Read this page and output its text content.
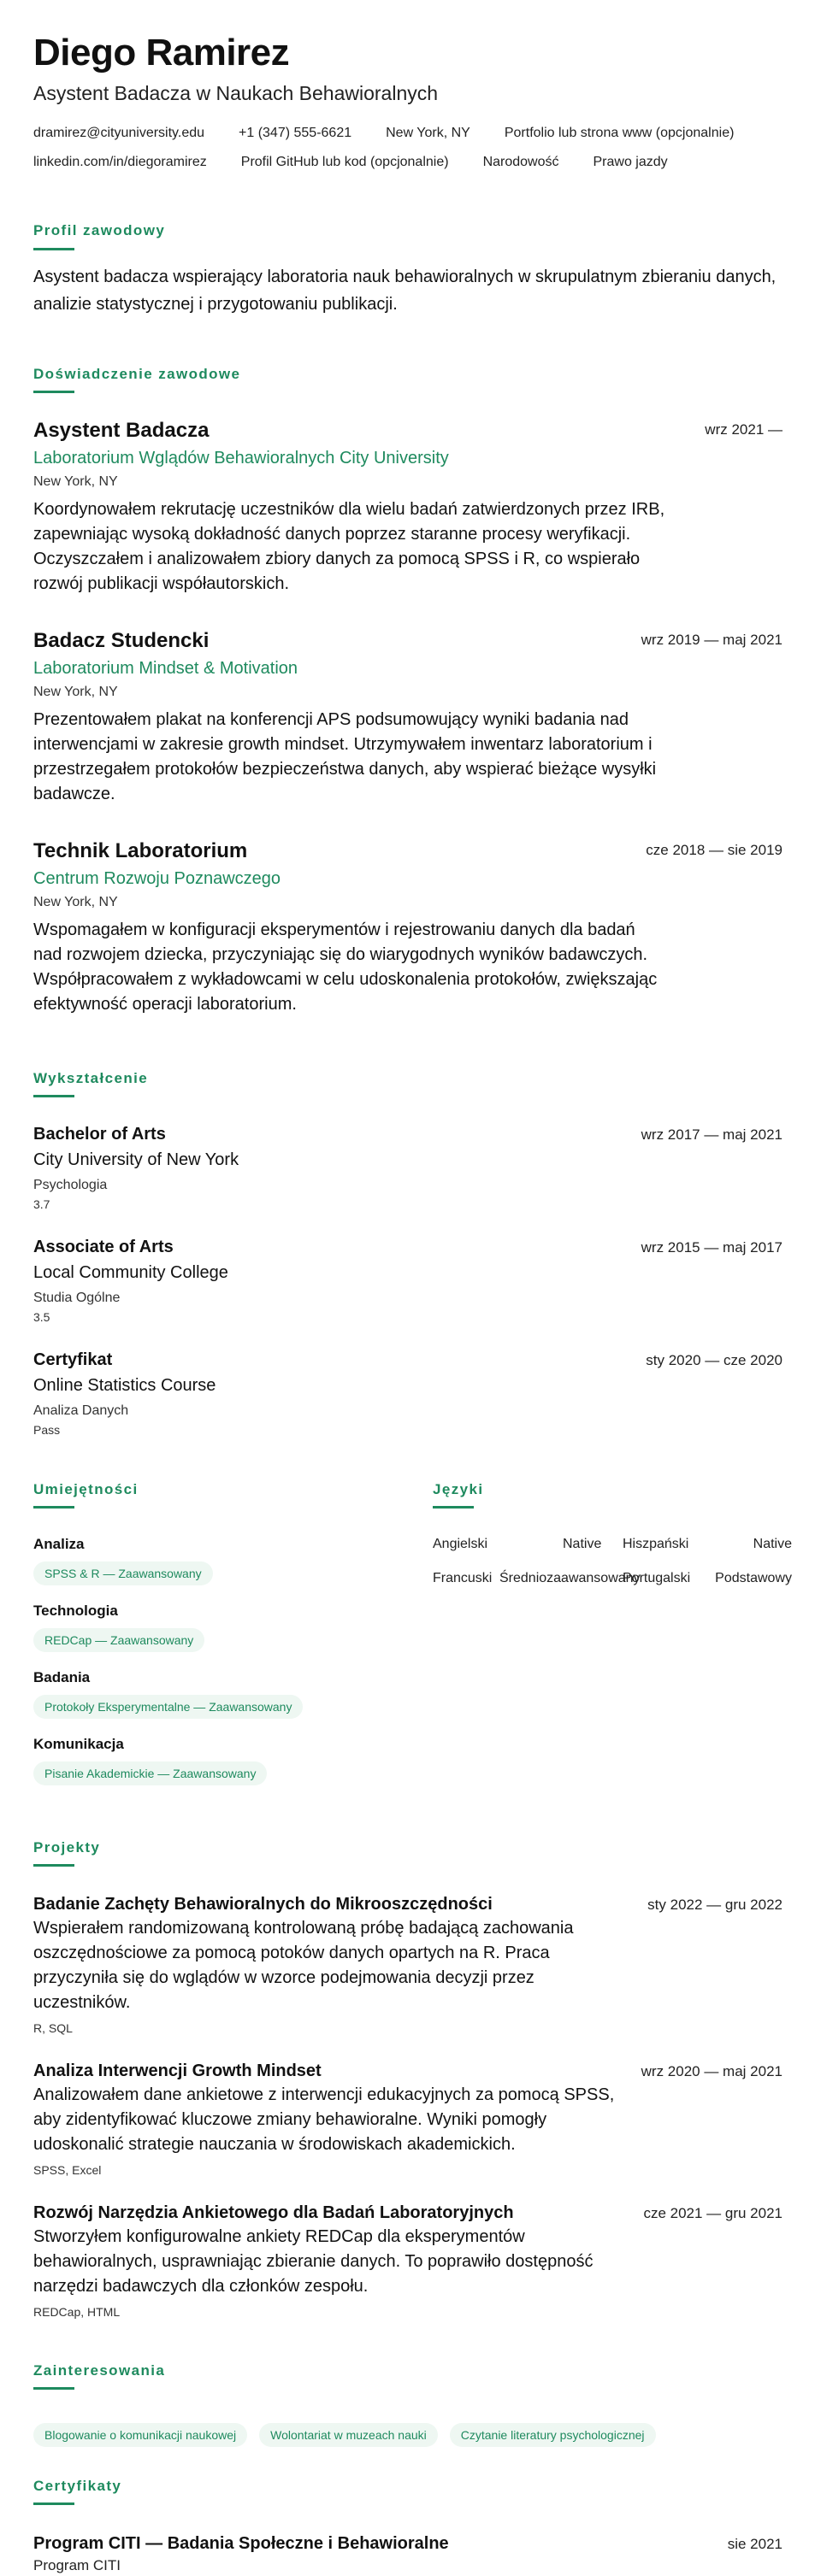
Diego Ramirez
Asystent Badacza w Naukach Behawioralnych
dramirez@cityuniversity.edu	+1 (347) 555-6621	New York, NY	Portfolio lub strona www (opcjonalnie)
linkedin.com/in/diegoramirez	Profil GitHub lub kod (opcjonalnie)	Narodowość	Prawo jazdy
Profil zawodowy
Asystent badacza wspierający laboratoria nauk behawioralnych w skrupulatnym zbieraniu danych, analizie statystycznej i przygotowaniu publikacji.
Doświadczenie zawodowe
Asystent Badacza
Laboratorium Wglądów Behawioralnych City University
New York, NY
Koordynowałem rekrutację uczestników dla wielu badań zatwierdzonych przez IRB, zapewniając wysoką dokładność danych poprzez staranne procesy weryfikacji. Oczyszczałem i analizowałem zbiory danych za pomocą SPSS i R, co wspierało rozwój publikacji współautorskich.
wrz 2021 —
Badacz Studencki
Laboratorium Mindset & Motivation
New York, NY
Prezentowałem plakat na konferencji APS podsumowujący wyniki badania nad interwencjami w zakresie growth mindset. Utrzymywałem inwentarz laboratorium i przestrzegałem protokołów bezpieczeństwa danych, aby wspierać bieżące wysyłki badawcze.
wrz 2019 — maj 2021
Technik Laboratorium
Centrum Rozwoju Poznawczego
New York, NY
Wspomagałem w konfiguracji eksperymentów i rejestrowaniu danych dla badań nad rozwojem dziecka, przyczyniając się do wiarygodnych wyników badawczych. Współpracowałem z wykładowcami w celu udoskonalenia protokołów, zwiększając efektywność operacji laboratorium.
cze 2018 — sie 2019
Wykształcenie
Bachelor of Arts
City University of New York
Psychologia
3.7
wrz 2017 — maj 2021
Associate of Arts
Local Community College
Studia Ogólne
3.5
wrz 2015 — maj 2017
Certyfikat
Online Statistics Course
Analiza Danych
Pass
sty 2020 — cze 2020
Umiejętności
Analiza
SPSS & R — Zaawansowany
Technologia
REDCap — Zaawansowany
Badania
Protokoły Eksperymentalne — Zaawansowany
Komunikacja
Pisanie Akademickie — Zaawansowany
Języki
Angielski	Native Hiszpański	Native
Francuski Średniozaawansowany
Portugalski Podstawowy
Projekty
Badanie Zachęty Behawioralnych do Mikrooszczędności
Wspierałem randomizowaną kontrolowaną próbę badającą zachowania oszczędnościowe za pomocą potoków danych opartych na R. Praca przyczyniła się do wglądów w wzorce podejmowania decyzji przez uczestników.
R, SQL
sty 2022 — gru 2022
Analiza Interwencji Growth Mindset
Analizowałem dane ankietowe z interwencji edukacyjnych za pomocą SPSS, aby zidentyfikować kluczowe zmiany behawioralne. Wyniki pomogły udoskonalić strategie nauczania w środowiskach akademickich.
SPSS, Excel
wrz 2020 — maj 2021
Rozwój Narzędzia Ankietowego dla Badań Laboratoryjnych
Stworzyłem konfigurowalne ankiety REDCap dla eksperymentów behawioralnych, usprawniając zbieranie danych. To poprawiło dostępność narzędzi badawczych dla członków zespołu.
REDCap, HTML
cze 2021 — gru 2021
Zainteresowania
Blogowanie o komunikacji naukowej	Wolontariat w muzeach nauki	Czytanie literatury psychologicznej
Certyfikaty
Program CITI — Badania Społeczne i Behawioralne
Program CITI
sie 2021
